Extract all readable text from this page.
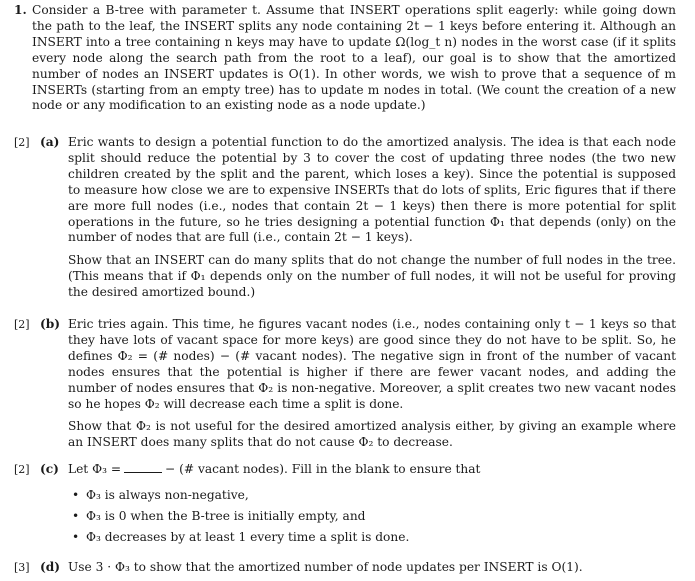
1. Consider a B-tree with parameter t. Assume that INSERT operations split eagerly: while going down the path to the leaf, the INSERT splits any node containing 2t − 1 keys before entering it. Although an INSERT into a tree containing n keys may have to update Ω(log_t n) nodes in the worst case (if it splits every node along the search path from the root to a leaf), our goal is to show that the amortized number of nodes an INSERT updates is O(1). In other words, we wish to prove that a sequence of m INSERTs (starting from an empty tree) has to update m nodes in total. (We count the creation of a new node or any modification to an existing node as a node update.)
[2] (a) Eric wants to design a potential function to do the amortized analysis. The idea is that each node split should reduce the potential by 3 to cover the cost of updating three nodes (the two new children created by the split and the parent, which loses a key). Since the potential is supposed to measure how close we are to expensive INSERTs that do lots of splits, Eric figures that if there are more full nodes (i.e., nodes that contain 2t − 1 keys) then there is more potential for split operations in the future, so he tries designing a potential function Φ₁ that depends (only) on the number of nodes that are full (i.e., contain 2t − 1 keys).

Show that an INSERT can do many splits that do not change the number of full nodes in the tree. (This means that if Φ₁ depends only on the number of full nodes, it will not be useful for proving the desired amortized bound.)

[2] (b) Eric tries again. This time, he figures vacant nodes (i.e., nodes containing only t − 1 keys so that they have lots of vacant space for more keys) are good since they do not have to be split. So, he defines Φ₂ = (# nodes) − (# vacant nodes). The negative sign in front of the number of vacant nodes ensures that the potential is higher if there are fewer vacant nodes, and adding the number of nodes ensures that Φ₂ is non-negative. Moreover, a split creates two new vacant nodes so he hopes Φ₂ will decrease each time a split is done.

Show that Φ₂ is not useful for the desired amortized analysis either, by giving an example where an INSERT does many splits that do not cause Φ₂ to decrease.

[2] (c) Let Φ₃ =	− (# vacant nodes). Fill in the blank to ensure that

• Φ₃ is always non-negative,
• Φ₃ is 0 when the B-tree is initially empty, and
• Φ₃ decreases by at least 1 every time a split is done.
[3] (d) Use 3 · Φ₃ to show that the amortized number of node updates per INSERT is O(1).
